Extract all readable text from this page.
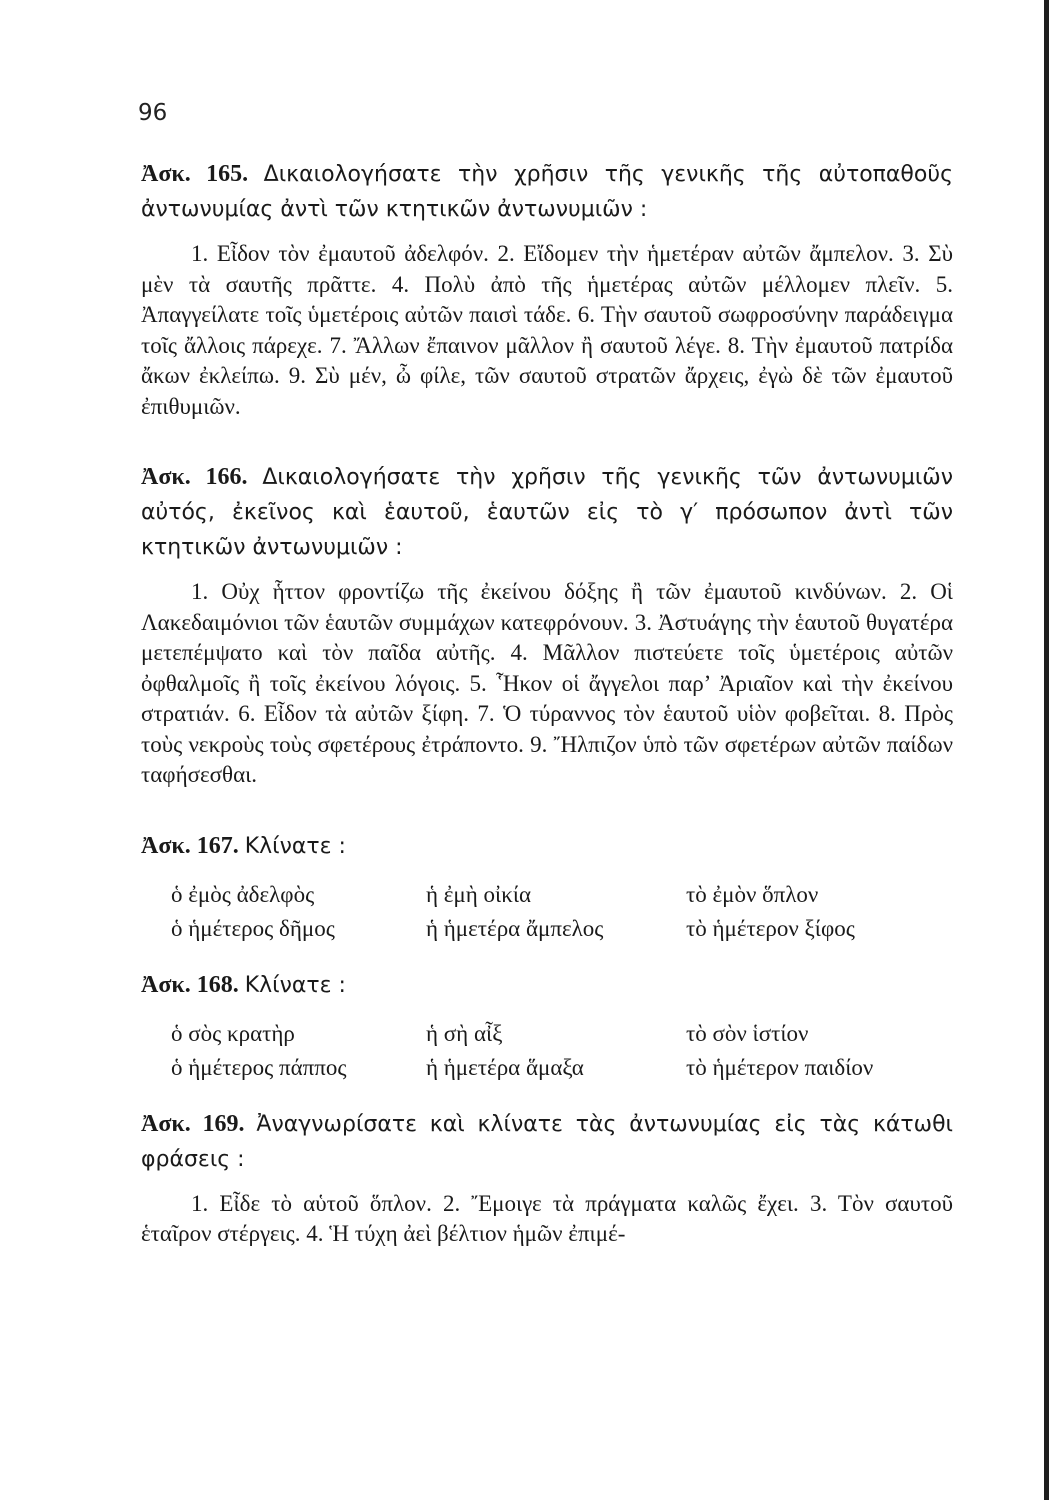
96
Ἀσκ. 165. Δικαιολογήσατε τὴν χρῆσιν τῆς γενικῆς τῆς αὐτοπαθοῦς ἀντωνυμίας ἀντὶ τῶν κτητικῶν ἀντωνυμιῶν :
1. Εἶδον τὸν ἐμαυτοῦ ἀδελφόν. 2. Εἴδομεν τὴν ἡμετέραν αὐτῶν ἄμπελον. 3. Σὺ μὲν τὰ σαυτῆς πρᾶττε. 4. Πολὺ ἀπὸ τῆς ἡμετέρας αὐτῶν μέλλομεν πλεῖν. 5. Ἀπαγγείλατε τοῖς ὑμετέροις αὐτῶν παισὶ τάδε. 6. Τὴν σαυτοῦ σωφροσύνην παράδειγμα τοῖς ἄλλοις πάρεχε. 7. Ἄλλων ἔπαινον μᾶλλον ἢ σαυτοῦ λέγε. 8. Τὴν ἐμαυτοῦ πατρίδα ἄκων ἐκλείπω. 9. Σὺ μέν, ὦ φίλε, τῶν σαυτοῦ στρατῶν ἄρχεις, ἐγὼ δὲ τῶν ἐμαυτοῦ ἐπιθυμιῶν.
Ἀσκ. 166. Δικαιολογήσατε τὴν χρῆσιν τῆς γενικῆς τῶν ἀντωνυμιῶν αὐτός, ἐκεῖνος καὶ ἑαυτοῦ, ἑαυτῶν εἰς τὸ γ′ πρόσωπον ἀντὶ τῶν κτητικῶν ἀντωνυμιῶν :
1. Οὐχ ἧττον φροντίζω τῆς ἐκείνου δόξης ἢ τῶν ἐμαυτοῦ κινδύνων. 2. Οἱ Λακεδαιμόνιοι τῶν ἑαυτῶν συμμάχων κατεφρόνουν. 3. Ἀστυάγης τὴν ἑαυτοῦ θυγατέρα μετεπέμψατο καὶ τὸν παῖδα αὐτῆς. 4. Μᾶλλον πιστεύετε τοῖς ὑμετέροις αὐτῶν ὀφθαλμοῖς ἢ τοῖς ἐκείνου λόγοις. 5. Ἧκον οἱ ἄγγελοι παρ’ Ἀριαῖον καὶ τὴν ἐκείνου στρατιάν. 6. Εἶδον τὰ αὐτῶν ξίφη. 7. Ὁ τύραννος τὸν ἑαυτοῦ υἱὸν φοβεῖται. 8. Πρὸς τοὺς νεκροὺς τοὺς σφετέρους ἐτράποντο. 9. Ἤλπιζον ὑπὸ τῶν σφετέρων αὐτῶν παίδων ταφήσεσθαι.
Ἀσκ. 167. Κλίνατε :
ὁ ἐμὸς ἀδελφὸς	ἡ ἐμὴ οἰκία	τὸ ἐμὸν ὅπλον
ὁ ἡμέτερος δῆμος	ἡ ἡμετέρα ἄμπελος	τὸ ἡμέτερον ξίφος
Ἀσκ. 168. Κλίνατε :
ὁ σὸς κρατὴρ	ἡ σὴ αἶξ	τὸ σὸν ἱστίον
ὁ ἡμέτερος πάππος	ἡ ἡμετέρα ἅμαξα	τὸ ἡμέτερον παιδίον
Ἀσκ. 169. Ἀναγνωρίσατε καὶ κλίνατε τὰς ἀντωνυμίας εἰς τὰς κάτωθι φράσεις :
1. Εἶδε τὸ αὑτοῦ ὅπλον. 2. Ἔμοιγε τὰ πράγματα καλῶς ἔχει. 3. Τὸν σαυτοῦ ἑταῖρον στέργεις. 4. Ἡ τύχη ἀεὶ βέλτιον ἡμῶν ἐπιμέ-
